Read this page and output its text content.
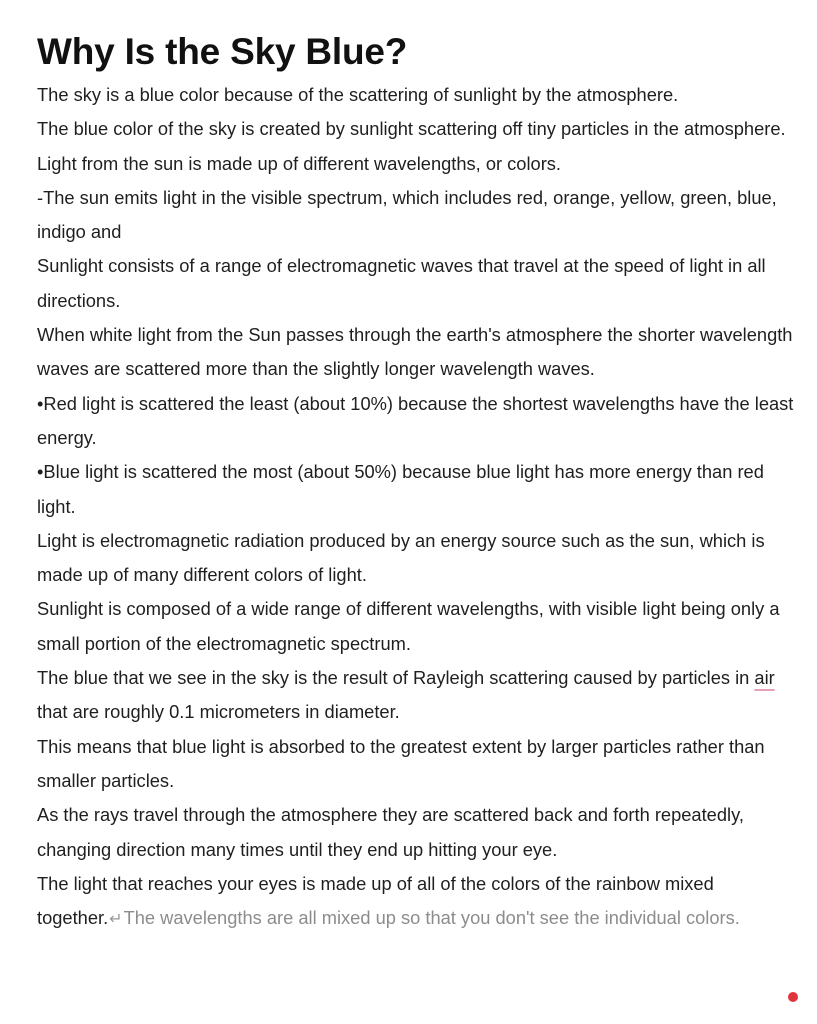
Why Is the Sky Blue?
The sky is a blue color because of the scattering of sunlight by the atmosphere.
The blue color of the sky is created by sunlight scattering off tiny particles in the atmosphere.
Light from the sun is made up of different wavelengths, or colors.
-The sun emits light in the visible spectrum, which includes red, orange, yellow, green, blue, indigo and
Sunlight consists of a range of electromagnetic waves that travel at the speed of light in all directions.
When white light from the Sun passes through the earth's atmosphere the shorter wavelength waves are scattered more than the slightly longer wavelength waves.
•Red light is scattered the least (about 10%) because the shortest wavelengths have the least energy.
•Blue light is scattered the most (about 50%) because blue light has more energy than red light.
Light is electromagnetic radiation produced by an energy source such as the sun, which is made up of many different colors of light.
Sunlight is composed of a wide range of different wavelengths, with visible light being only a small portion of the electromagnetic spectrum.
The blue that we see in the sky is the result of Rayleigh scattering caused by particles in air that are roughly 0.1 micrometers in diameter.
This means that blue light is absorbed to the greatest extent by larger particles rather than smaller particles.
As the rays travel through the atmosphere they are scattered back and forth repeatedly, changing direction many times until they end up hitting your eye.
The light that reaches your eyes is made up of all of the colors of the rainbow mixed together.↵The wavelengths are all mixed up so that you don't see the individual colors.
